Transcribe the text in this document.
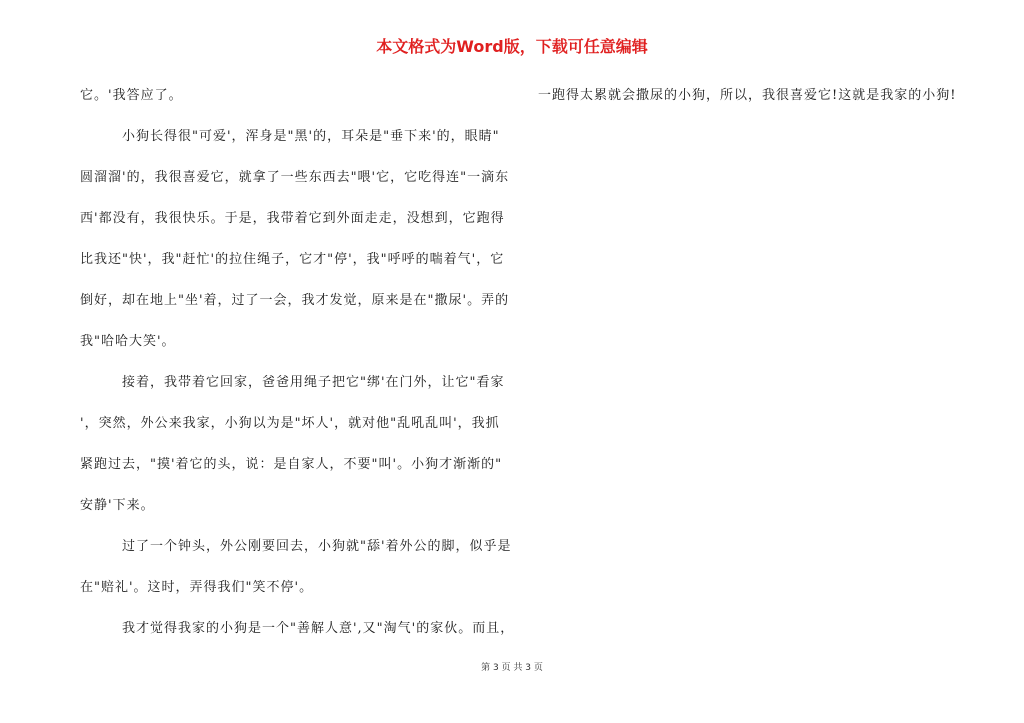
本文格式为Word版，下载可任意编辑
它。'我答应了。
小狗长得很"可爱'，浑身是"黑'的，耳朵是"垂下来'的，眼睛"
圆溜溜'的，我很喜爱它，就拿了一些东西去"喂'它，它吃得连"一滴东
西'都没有，我很快乐。于是，我带着它到外面走走，没想到，它跑得
比我还"快'，我"赶忙'的拉住绳子，它才"停'，我"呼呼的喘着气'，它
倒好，却在地上"坐'着，过了一会，我才发觉，原来是在"撒尿'。弄的
我"哈哈大笑'。
接着，我带着它回家，爸爸用绳子把它"绑'在门外，让它"看家
'，突然，外公来我家，小狗以为是"坏人'，就对他"乱吼乱叫'，我抓
紧跑过去，"摸'着它的头，说：是自家人，不要"叫'。小狗才渐渐的"
安静'下来。
过了一个钟头，外公刚要回去，小狗就"舔'着外公的脚，似乎是
在"赔礼'。这时，弄得我们"笑不停'。
我才觉得我家的小狗是一个"善解人意',又"淘气'的家伙。而且，
一跑得太累就会撒尿的小狗，所以，我很喜爱它!这就是我家的小狗!
第 3 页 共 3 页
